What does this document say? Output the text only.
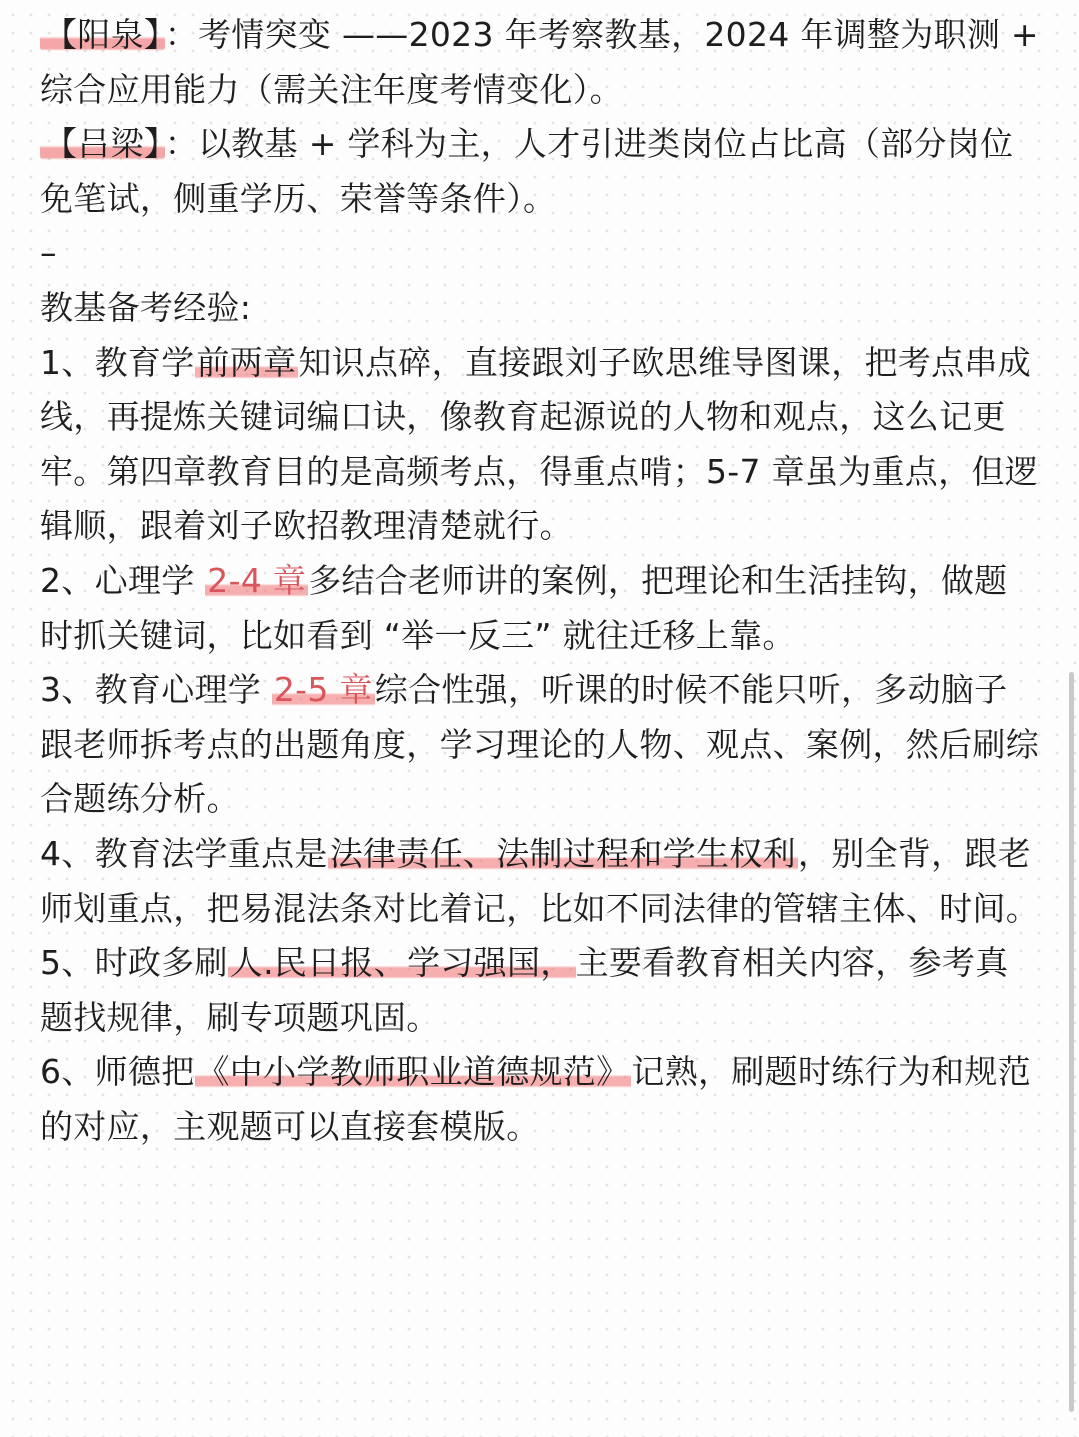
【阳泉】 ：考情突变 ——2023 年考察教基，2024 年调整为职测 + 综合应用能力（需关注年度考情变化）。

【吕梁】 ：以教基 + 学科为主，人才引进类岗位占比高（部分岗位免笔试，侧重学历、荣誉等条件）。

–

教基备考经验:

1、教育学前两章知识点碎，直接跟刘子欧思维导图课，把考点串成线，再提炼关键词编口诀，像教育起源说的人物和观点，这么记更牢。第四章教育目的是高频考点，得重点啃；5-7 章虽为重点，但逻辑顺，跟着刘子欧招教理清楚就行。

2、心理学 2-4 章多结合老师讲的案例，把理论和生活挂钩，做题时抓关键词，比如看到 “举一反三” 就往迁移上靠。

3、教育心理学 2-5 章综合性强，听课的时候不能只听，多动脑子跟老师拆考点的出题角度，学习理论的人物、观点、案例，然后刷综合题练分析。

4、教育法学重点是法律责任、法制过程和学生权利，别全背，跟老师划重点，把易混法条对比着记，比如不同法律的管辖主体、时间。

5、时政多刷人.民日报、学习强国，主要看教育相关内容，参考真题找规律，刷专项题巩固。

6、师德把《中小学教师职业道德规范》记熟，刷题时练行为和规范的对应，主观题可以直接套模版。
